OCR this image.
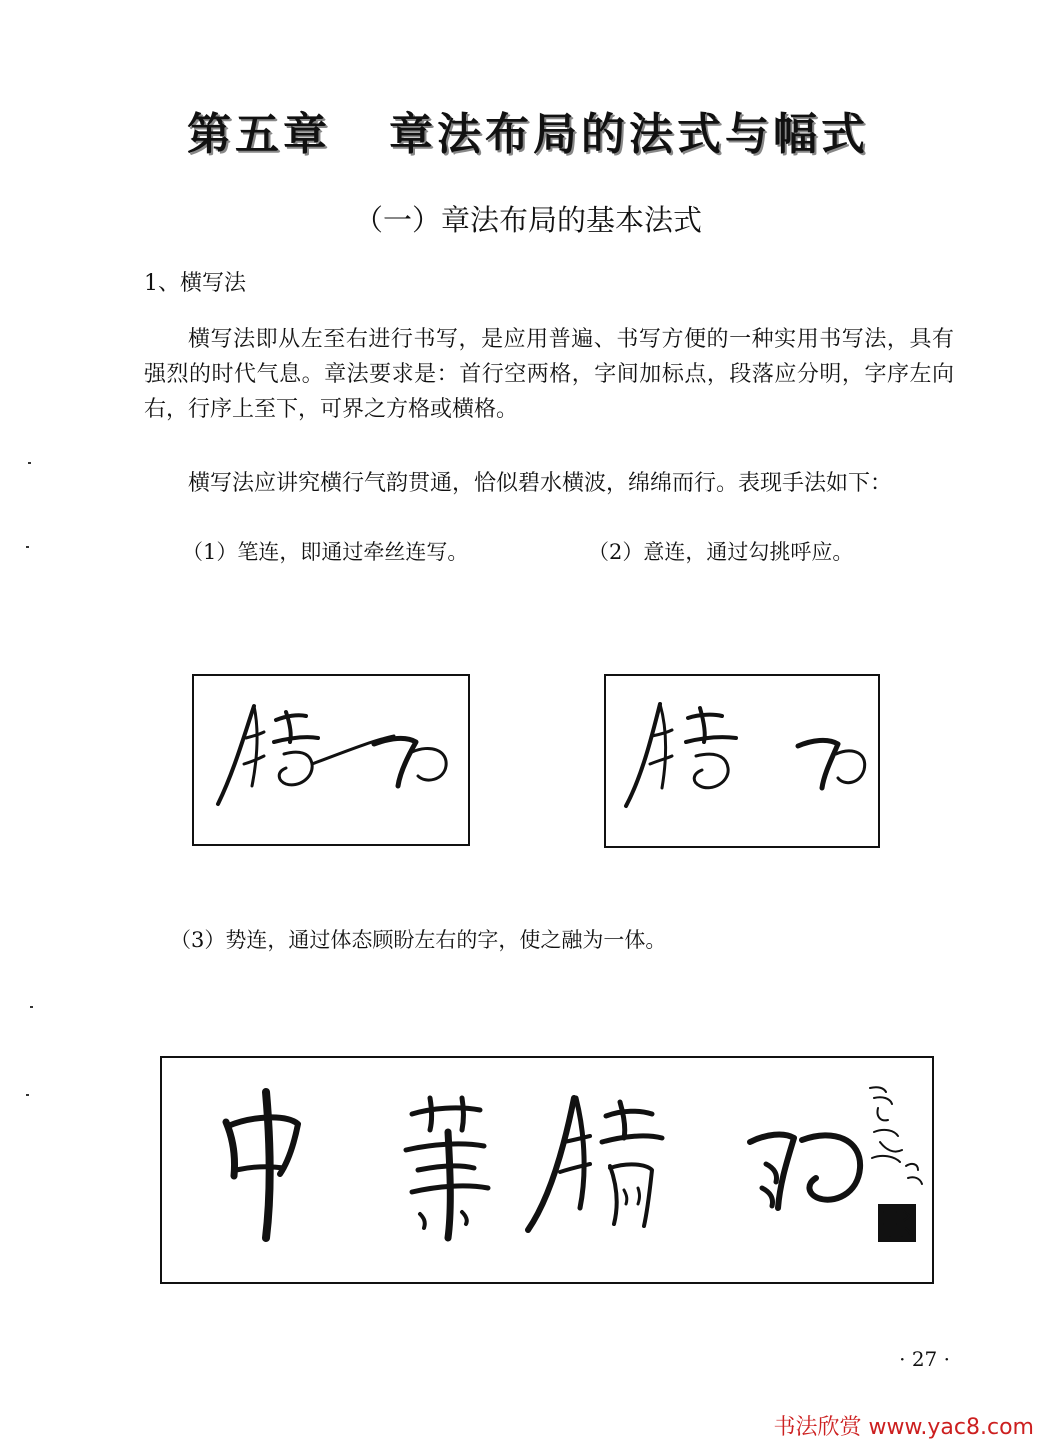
第五章   章法布局的法式与幅式
（一）章法布局的基本法式
1、横写法
横写法即从左至右进行书写，是应用普遍、书写方便的一种实用书写法，具有强烈的时代气息。章法要求是：首行空两格，字间加标点，段落应分明，字序左向右，行序上至下，可界之方格或横格。
横写法应讲究横行气韵贯通，恰似碧水横波，绵绵而行。表现手法如下：
（1）笔连，即通过牵丝连写。	（2）意连，通过勾挑呼应。
（3）势连，通过体态顾盼左右的字，使之融为一体。
· 27 ·
书法欣赏 www.yac8.com
